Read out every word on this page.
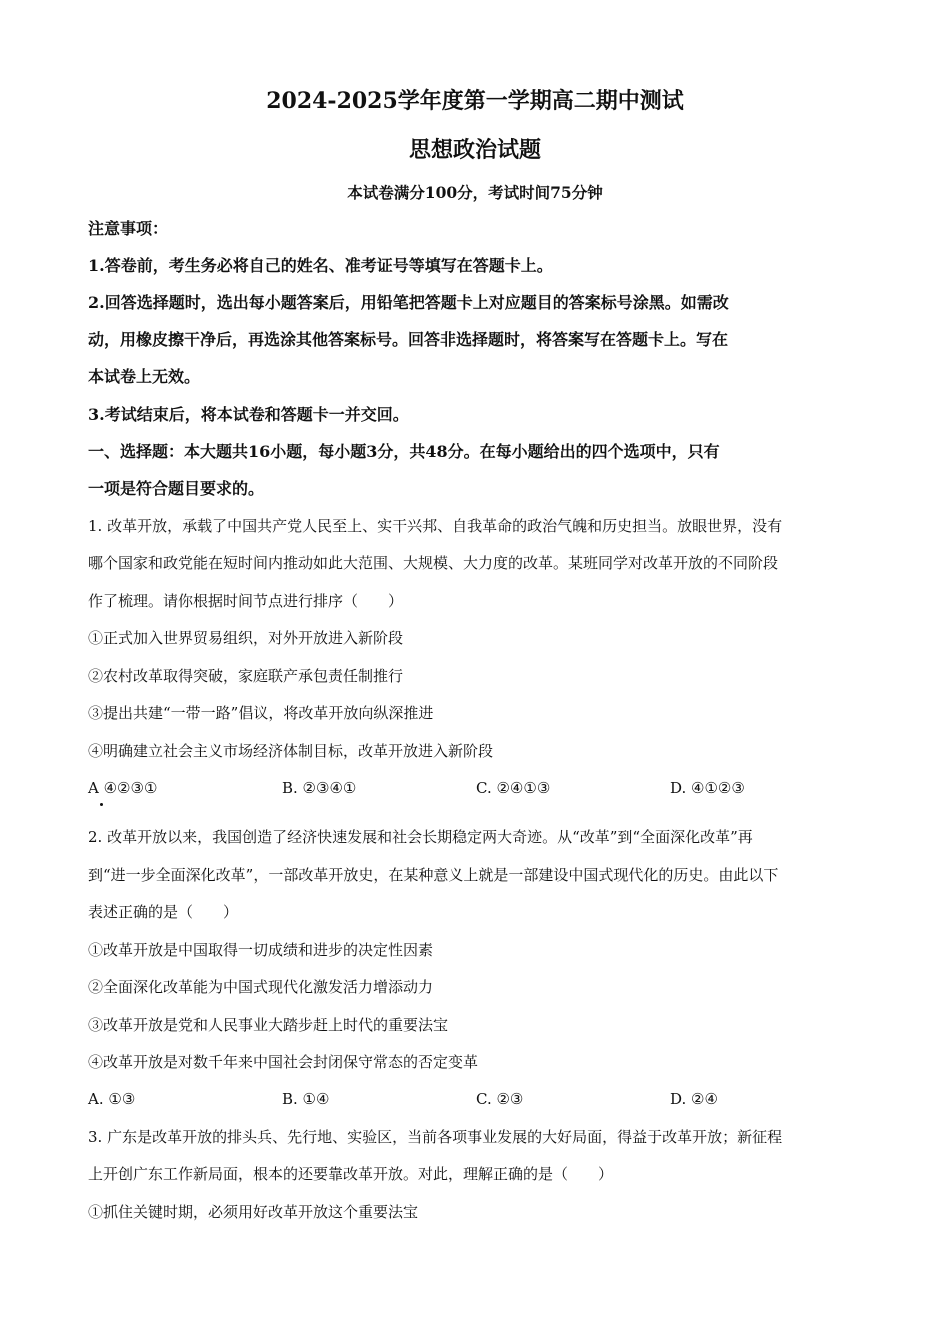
2024-2025学年度第一学期高二期中测试
思想政治试题
本试卷满分100分，考试时间75分钟
注意事项：
1.答卷前，考生务必将自己的姓名、准考证号等填写在答题卡上。
2.回答选择题时，选出每小题答案后，用铅笔把答题卡上对应题目的答案标号涂黑。如需改
动，用橡皮擦干净后，再选涂其他答案标号。回答非选择题时，将答案写在答题卡上。写在
本试卷上无效。
3.考试结束后，将本试卷和答题卡一并交回。
一、选择题：本大题共16小题，每小题3分，共48分。在每小题给出的四个选项中，只有
一项是符合题目要求的。
1. 改革开放，承载了中国共产党人民至上、实干兴邦、自我革命的政治气魄和历史担当。放眼世界，没有
哪个国家和政党能在短时间内推动如此大范围、大规模、大力度的改革。某班同学对改革开放的不同阶段
作了梳理。请你根据时间节点进行排序（　　）
①正式加入世界贸易组织，对外开放进入新阶段
②农村改革取得突破，家庭联产承包责任制推行
③提出共建“一带一路”倡议，将改革开放向纵深推进
④明确建立社会主义市场经济体制目标，改革开放进入新阶段
A ④②③①	B. ②③④①	C. ②④①③	D. ④①②③
2. 改革开放以来，我国创造了经济快速发展和社会长期稳定两大奇迹。从“改革”到“全面深化改革”再
到“进一步全面深化改革”，一部改革开放史，在某种意义上就是一部建设中国式现代化的历史。由此以下
表述正确的是（　　）
①改革开放是中国取得一切成绩和进步的决定性因素
②全面深化改革能为中国式现代化激发活力增添动力
③改革开放是党和人民事业大踏步赶上时代的重要法宝
④改革开放是对数千年来中国社会封闭保守常态的否定变革
A. ①③	B. ①④	C. ②③	D. ②④
3. 广东是改革开放的排头兵、先行地、实验区，当前各项事业发展的大好局面，得益于改革开放；新征程
上开创广东工作新局面，根本的还要靠改革开放。对此，理解正确的是（　　）
①抓住关键时期，必须用好改革开放这个重要法宝
